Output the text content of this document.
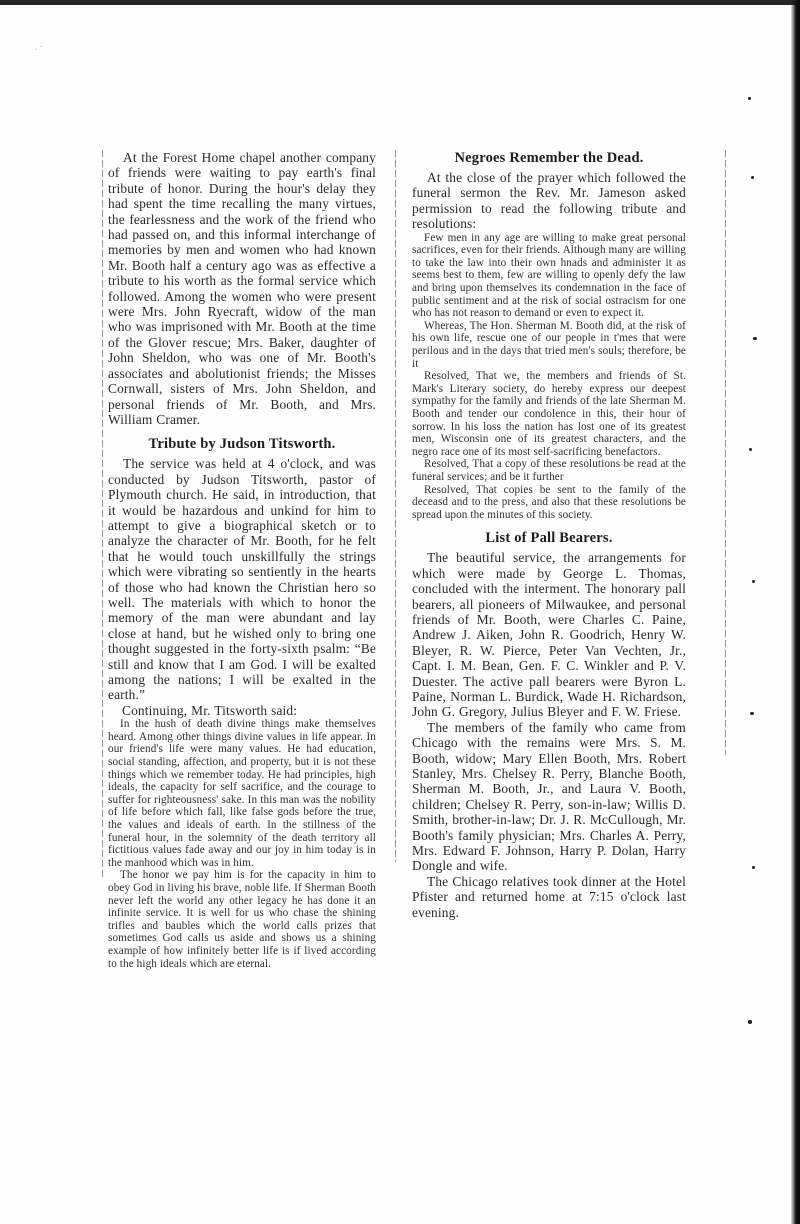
·˙

At the Forest Home chapel another company of friends were waiting to pay earth's final tribute of honor. During the hour's delay they had spent the time recalling the many virtues, the fearlessness and the work of the friend who had passed on, and this informal interchange of memories by men and women who had known Mr. Booth half a century ago was as effective a tribute to his worth as the formal service which followed. Among the women who were present were Mrs. John Ryecraft, widow of the man who was imprisoned with Mr. Booth at the time of the Glover rescue; Mrs. Baker, daughter of John Sheldon, who was one of Mr. Booth's associates and abolutionist friends; the Misses Cornwall, sisters of Mrs. John Sheldon, and personal friends of Mr. Booth, and Mrs. William Cramer.

Tribute by Judson Titsworth.

The service was held at 4 o'clock, and was conducted by Judson Titsworth, pastor of Plymouth church. He said, in introduction, that it would be hazardous and unkind for him to attempt to give a biographical sketch or to analyze the character of Mr. Booth, for he felt that he would touch unskillfully the strings which were vibrating so sentiently in the hearts of those who had known the Christian hero so well. The materials with which to honor the memory of the man were abundant and lay close at hand, but he wished only to bring one thought suggested in the forty-sixth psalm: “Be still and know that I am God. I will be exalted among the nations; I will be exalted in the earth.”

Continuing, Mr. Titsworth said:

In the hush of death divine things make themselves heard. Among other things divine values in life appear. In our friend's life were many values. He had education, social standing, affection, and property, but it is not these things which we remember today. He had principles, high ideals, the capacity for self sacrifice, and the courage to suffer for righteousness' sake. In this man was the nobility of life before which fall, like false gods before the true, the values and ideals of earth. In the stillness of the funeral hour, in the solemnity of the death territory all fictitious values fade away and our joy in him today is in the manhood which was in him.

The honor we pay him is for the capacity in him to obey God in living his brave, noble life. If Sherman Booth never left the world any other legacy he has done it an infinite service. It is well for us who chase the shining trifles and baubles which the world calls prizes that sometimes God calls us aside and shows us a shining example of how infinitely better life is if lived according to the high ideals which are eternal.

Negroes Remember the Dead.

At the close of the prayer which followed the funeral sermon the Rev. Mr. Jameson asked permission to read the following tribute and resolutions:

Few men in any age are willing to make great personal sacrifices, even for their friends. Although many are willing to take the law into their own hnads and administer it as seems best to them, few are willing to openly defy the law and bring upon themselves its condemnation in the face of public sentiment and at the risk of social ostracism for one who has not reason to demand or even to expect it.

Whereas, The Hon. Sherman M. Booth did, at the risk of his own life, rescue one of our people in t'mes that were perilous and in the days that tried men's souls; therefore, be it

Resolved, That we, the members and friends of St. Mark's Literary society, do hereby express our deepest sympathy for the family and friends of the late Sherman M. Booth and tender our condolence in this, their hour of sorrow. In his loss the nation has lost one of its greatest men, Wisconsin one of its greatest characters, and the negro race one of its most self-sacrificing benefactors.

Resolved, That a copy of these resolutions be read at the funeral services; and be it further

Resolved, That copies be sent to the family of the deceasd and to the press, and also that these resolutions be spread upon the minutes of this society.

List of Pall Bearers.

The beautiful service, the arrangements for which were made by George L. Thomas, concluded with the interment. The honorary pall bearers, all pioneers of Milwaukee, and personal friends of Mr. Booth, were Charles C. Paine, Andrew J. Aiken, John R. Goodrich, Henry W. Bleyer, R. W. Pierce, Peter Van Vechten, Jr., Capt. I. M. Bean, Gen. F. C. Winkler and P. V. Duester. The active pall bearers were Byron L. Paine, Norman L. Burdick, Wade H. Richardson, John G. Gregory, Julius Bleyer and F. W. Friese.

The members of the family who came from Chicago with the remains were Mrs. S. M. Booth, widow; Mary Ellen Booth, Mrs. Robert Stanley, Mrs. Chelsey R. Perry, Blanche Booth, Sherman M. Booth, Jr., and Laura V. Booth, children; Chelsey R. Perry, son-in-law; Willis D. Smith, brother-in-law; Dr. J. R. McCullough, Mr. Booth's family physician; Mrs. Charles A. Perry, Mrs. Edward F. Johnson, Harry P. Dolan, Harry Dongle and wife.

The Chicago relatives took dinner at the Hotel Pfister and returned home at 7:15 o'clock last evening.
